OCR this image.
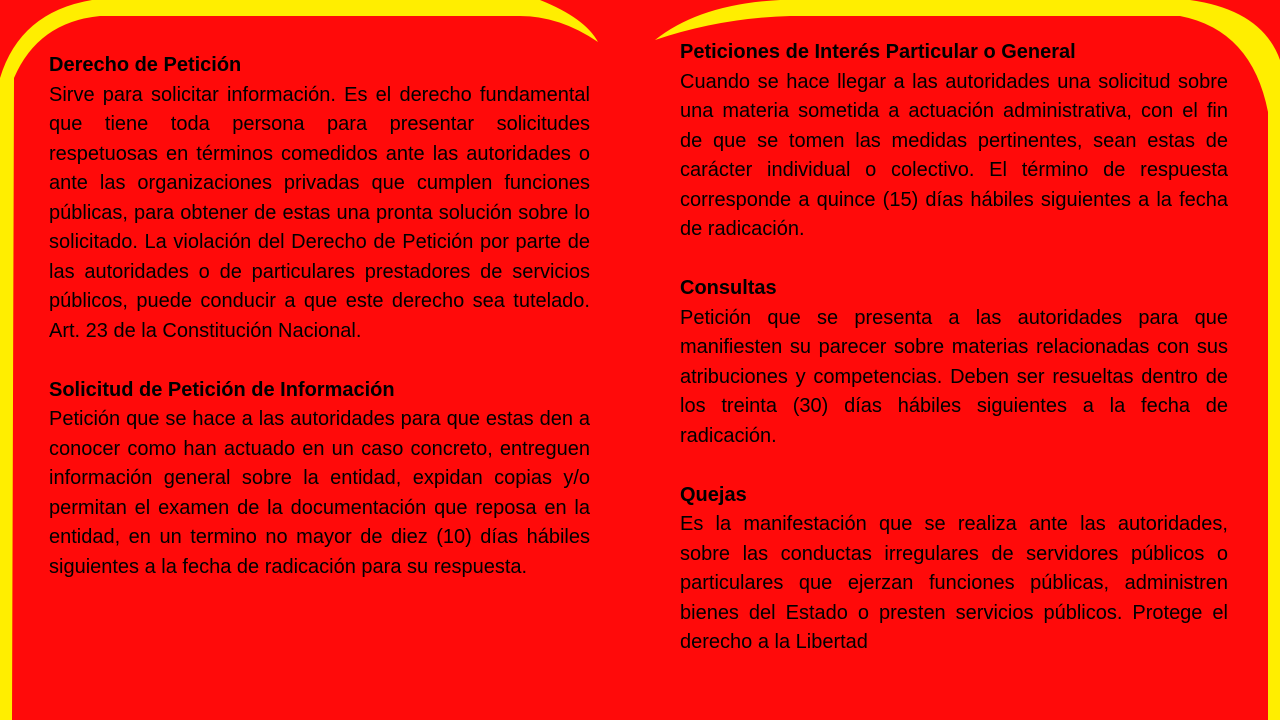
Derecho de Petición
Sirve para solicitar información. Es el derecho fundamental que tiene toda persona para presentar solicitudes respetuosas en términos comedidos ante las autoridades o ante las organizaciones privadas que cumplen funciones públicas, para obtener de estas una pronta solución sobre lo solicitado. La violación del Derecho de Petición por parte de las autoridades o de particulares prestadores de servicios públicos, puede conducir a que este derecho sea tutelado. Art. 23 de la Constitución Nacional.
Solicitud de Petición de Información
Petición que se hace a las autoridades para que estas den a conocer como han actuado en un caso concreto, entreguen información general sobre la entidad, expidan copias y/o permitan el examen de la documentación que reposa en la entidad, en un termino no mayor de diez (10) días hábiles siguientes a la fecha de radicación para su respuesta.
Peticiones de Interés Particular o General
Cuando se hace llegar a las autoridades una solicitud sobre una materia sometida a actuación administrativa, con el fin de que se tomen las medidas pertinentes, sean estas de carácter individual o colectivo. El término de respuesta corresponde a quince (15) días hábiles siguientes a la fecha de radicación.
Consultas
Petición que se presenta a las autoridades para que manifiesten su parecer sobre materias relacionadas con sus atribuciones y competencias. Deben ser resueltas dentro de los treinta (30) días hábiles siguientes a la fecha de radicación.
Quejas
Es la manifestación que se realiza ante las autoridades, sobre las conductas irregulares de servidores públicos o particulares que ejerzan funciones públicas, administren bienes del Estado o presten servicios públicos. Protege el derecho a la Libertad
